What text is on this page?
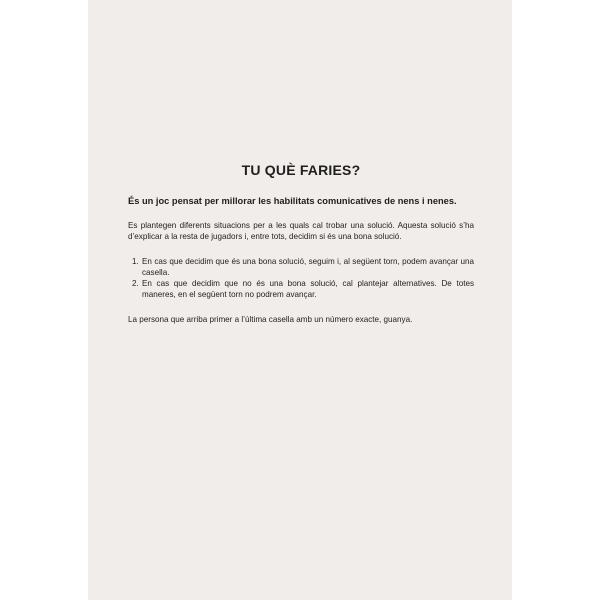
TU QUÈ FARIES?

És un joc pensat per millorar les habilitats comunicatives de nens i nenes.

Es plantegen diferents situacions per a les quals cal trobar una solució. Aquesta solució s’ha d’explicar a la resta de jugadors i, entre tots, decidim si és una bona solució.

1. En cas que decidim que és una bona solució, seguim i, al següent torn, podem avançar una casella.
2. En cas que decidim que no és una bona solució, cal plantejar alternatives. De totes maneres, en el següent torn no podrem avançar.

La persona que arriba primer a l’última casella amb un número exacte, guanya.
